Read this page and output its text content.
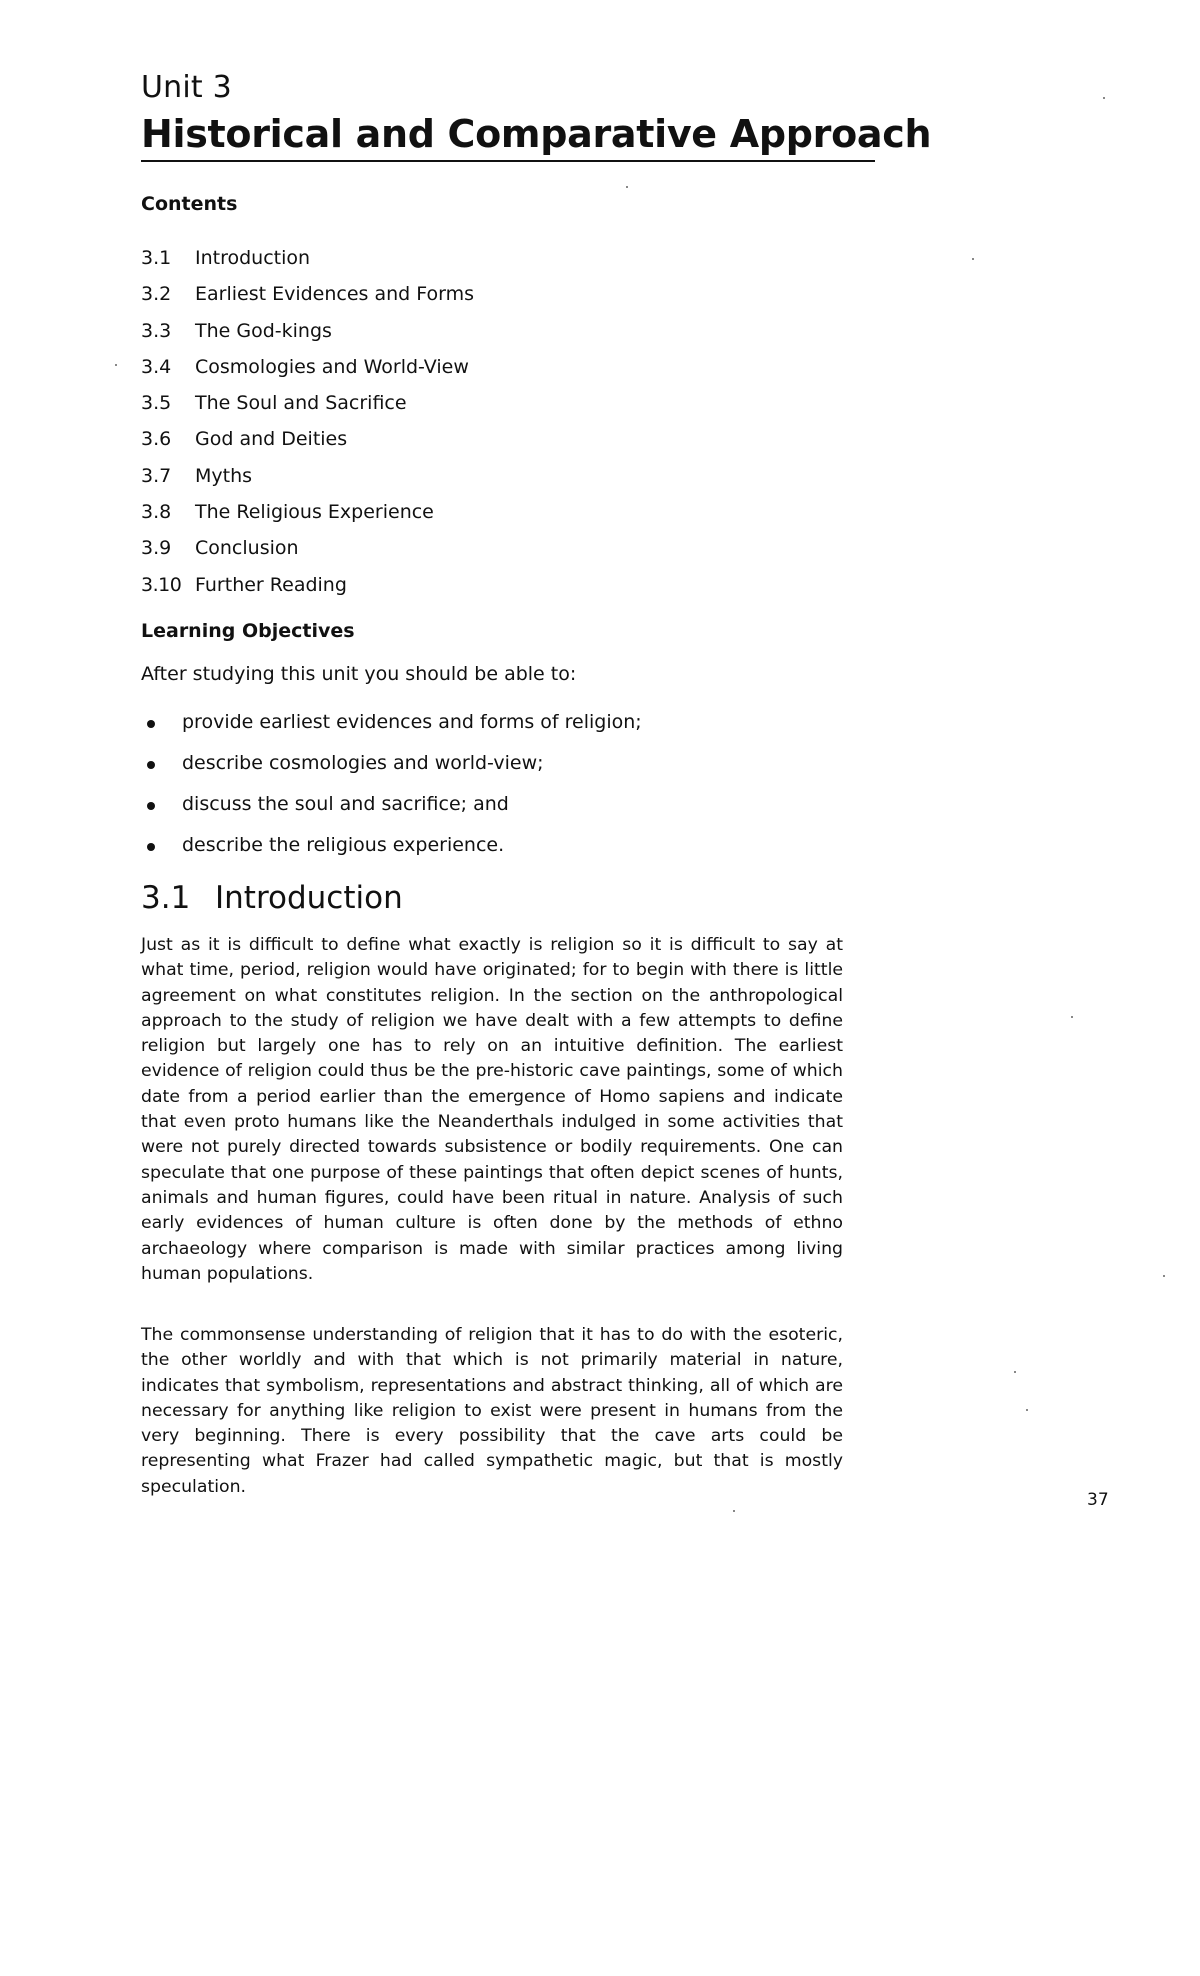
Unit 3
Historical and Comparative Approach
Contents
3.1 Introduction
3.2 Earliest Evidences and Forms
3.3 The God-kings
3.4 Cosmologies and World-View
3.5 The Soul and Sacrifice
3.6 God and Deities
3.7 Myths
3.8 The Religious Experience
3.9 Conclusion
3.10 Further Reading
Learning Objectives
After studying this unit you should be able to:
provide earliest evidences and forms of religion;
describe cosmologies and world-view;
discuss the soul and sacrifice; and
describe the religious experience.
3.1 Introduction

Just as it is difficult to define what exactly is religion so it is difficult to say at what time, period, religion would have originated; for to begin with there is little agreement on what constitutes religion. In the section on the anthropological approach to the study of religion we have dealt with a few attempts to define religion but largely one has to rely on an intuitive definition. The earliest evidence of religion could thus be the pre-historic cave paintings, some of which date from a period earlier than the emergence of Homo sapiens and indicate that even proto humans like the Neanderthals indulged in some activities that were not purely directed towards subsistence or bodily requirements. One can speculate that one purpose of these paintings that often depict scenes of hunts, animals and human figures, could have been ritual in nature. Analysis of such early evidences of human culture is often done by the methods of ethno archaeology where comparison is made with similar practices among living human populations.

The commonsense understanding of religion that it has to do with the esoteric, the other worldly and with that which is not primarily material in nature, indicates that symbolism, representations and abstract thinking, all of which are necessary for anything like religion to exist were present in humans from the very beginning. There is every possibility that the cave arts could be representing what Frazer had called sympathetic magic, but that is mostly speculation.

37
